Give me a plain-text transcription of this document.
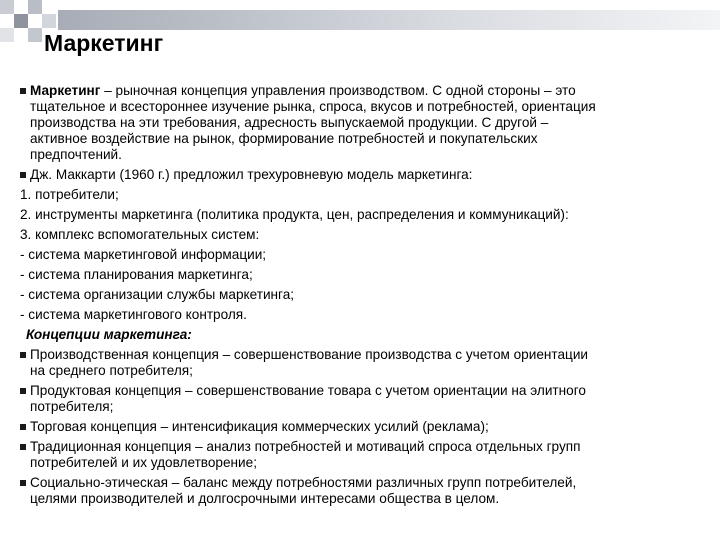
Маркетинг
Маркетинг – рыночная концепция управления производством. С одной стороны – это
тщательное и всестороннее изучение рынка, спроса, вкусов и потребностей, ориентация
производства на эти требования, адресность выпускаемой продукции. С другой –
активное воздействие на рынок, формирование потребностей и покупательских
предпочтений.
Дж. Маккарти (1960 г.) предложил трехуровневую модель маркетинга:
1. потребители;
2. инструменты маркетинга (политика продукта, цен, распределения и коммуникаций):
3. комплекс вспомогательных систем:
- система маркетинговой информации;
- система планирования маркетинга;
- система организации службы маркетинга;
- система маркетингового контроля.
Концепции маркетинга:
Производственная концепция – совершенствование производства с учетом ориентации
на среднего потребителя;
Продуктовая концепция – совершенствование товара с учетом ориентации на элитного
потребителя;
Торговая концепция – интенсификация коммерческих усилий (реклама);
Традиционная концепция – анализ потребностей и мотиваций спроса отдельных групп
потребителей и их удовлетворение;
Социально-этическая – баланс между потребностями различных групп потребителей,
целями производителей и долгосрочными интересами общества в целом.
